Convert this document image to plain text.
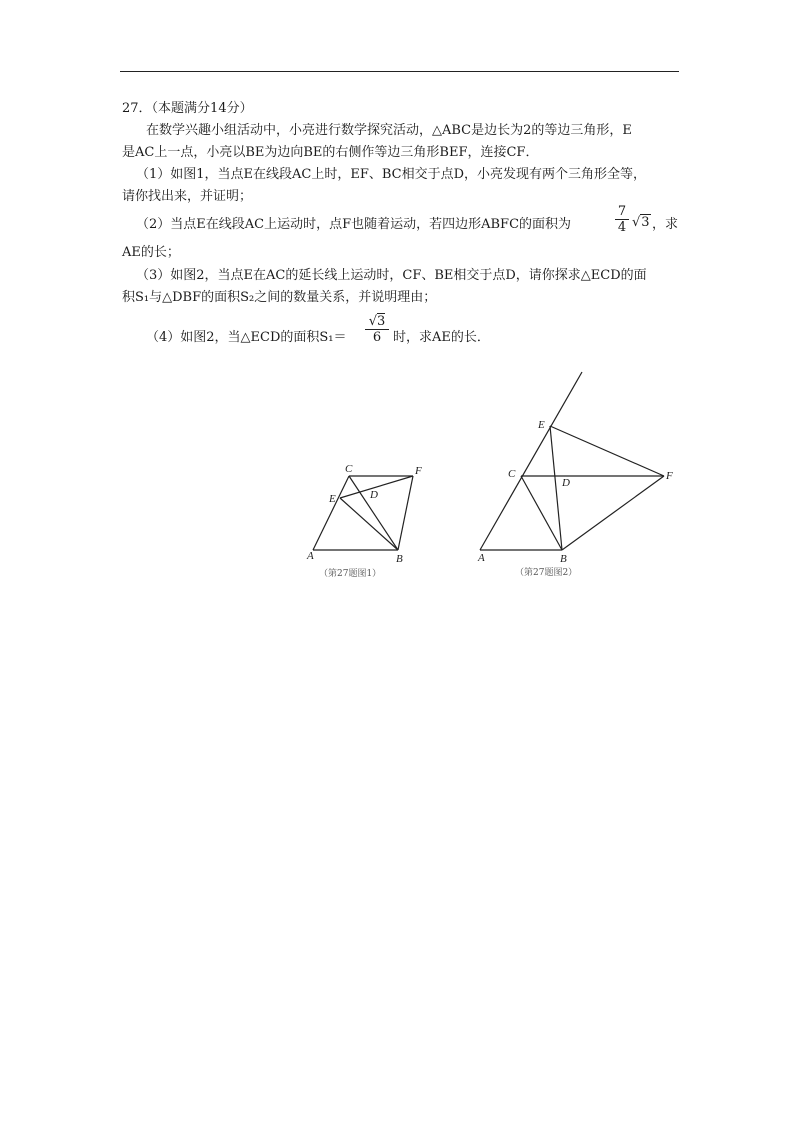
27．（本题满分14分）
在数学兴趣小组活动中，小亮进行数学探究活动，△ABC是边长为2的等边三角形，E
是AC上一点，小亮以BE为边向BE的右侧作等边三角形BEF，连接CF．
（1）如图1，当点E在线段AC上时，EF、BC相交于点D，小亮发现有两个三角形全等，
请你找出来，并证明；
（2）当点E在线段AC上运动时，点F也随着运动，若四边形ABFC的面积为	$\frac{7}{4} √3$ ，求
AE的长；
（3）如图2，当点E在AC的延长线上运动时，CF、BE相交于点D，请你探求△ECD的面
积S₁与△DBF的面积S₂之间的数量关系，并说明理由；
（4）如图2，当△ECD的面积$S_1= \frac{√3}{6}$ 时，求AE的长．
A	B
C
D
E
F
（第27题图1）
A	B
C
D
E
F
（第27题图2）
